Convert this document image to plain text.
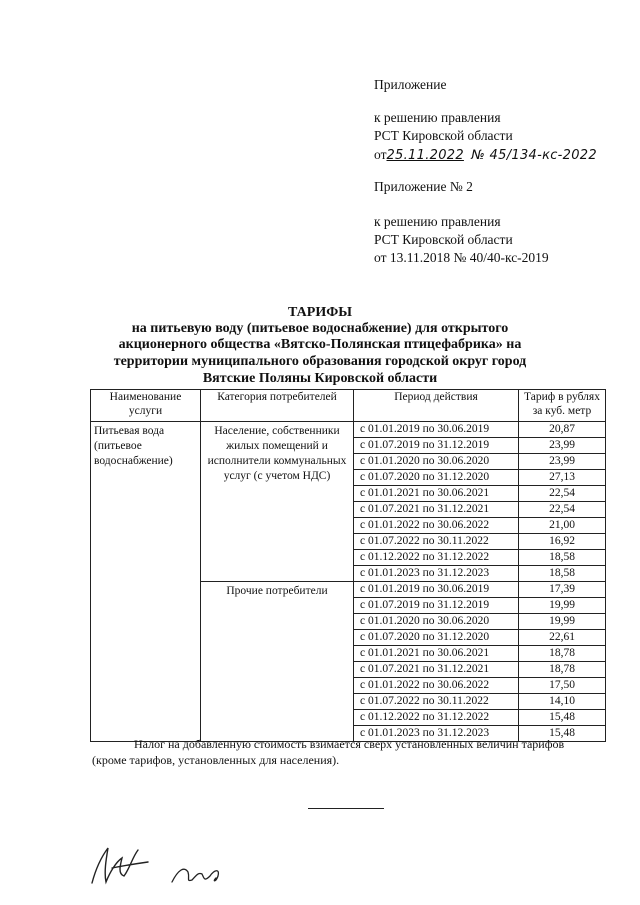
Приложение
к решению правления
РСТ Кировской области
от25.11.2022 № 45/134-кс-2022
Приложение № 2
к решению правления
РСТ Кировской области
от 13.11.2018 № 40/40-кс-2019
ТАРИФЫ
на питьевую воду (питьевое водоснабжение) для открытого
акционерного общества «Вятско-Полянская птицефабрика» на
территории муниципального образования городской округ город
Вятские Поляны Кировской области
Наименование услуги	Категория потребителей	Период действия	Тариф в рублях за куб. метр
Питьевая вода (питьевое водоснабжение)	Население, собственники жилых помещений и исполнители коммунальных услуг (с учетом НДС)	с 01.01.2019 по 30.06.2019	20,87
		с 01.07.2019 по 31.12.2019	23,99
		с 01.01.2020 по 30.06.2020	23,99
		с 01.07.2020 по 31.12.2020	27,13
		с 01.01.2021 по 30.06.2021	22,54
		с 01.07.2021 по 31.12.2021	22,54
		с 01.01.2022 по 30.06.2022	21,00
		с 01.07.2022 по 30.11.2022	16,92
		с 01.12.2022 по 31.12.2022	18,58
		с 01.01.2023 по 31.12.2023	18,58
	Прочие потребители	с 01.01.2019 по 30.06.2019	17,39
		с 01.07.2019 по 31.12.2019	19,99
		с 01.01.2020 по 30.06.2020	19,99
		с 01.07.2020 по 31.12.2020	22,61
		с 01.01.2021 по 30.06.2021	18,78
		с 01.07.2021 по 31.12.2021	18,78
		с 01.01.2022 по 30.06.2022	17,50
		с 01.07.2022 по 30.11.2022	14,10
		с 01.12.2022 по 31.12.2022	15,48
		с 01.01.2023 по 31.12.2023	15,48
Налог на добавленную стоимость взимается сверх установленных величин тарифов
(кроме тарифов, установленных для населения).
